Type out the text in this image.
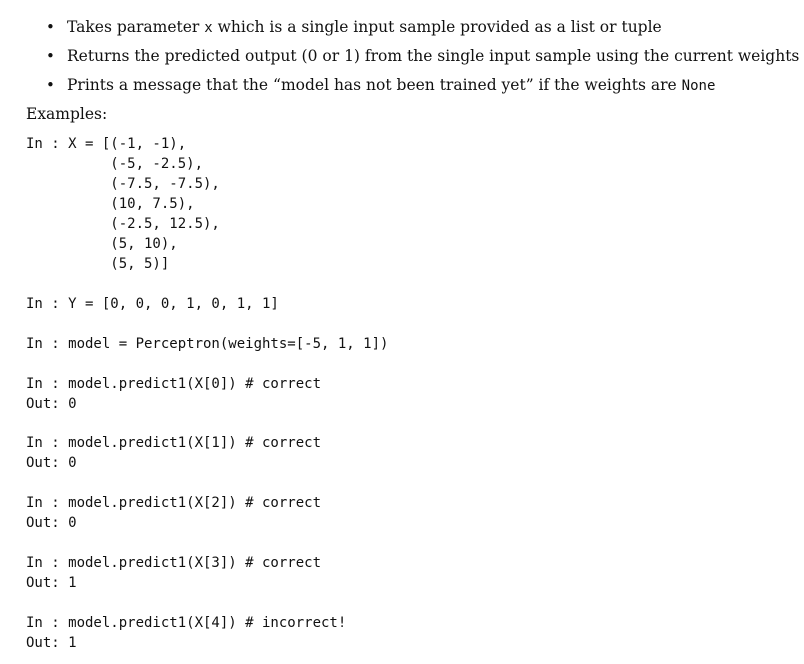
• Takes parameter x which is a single input sample provided as a list or tuple
• Returns the predicted output (0 or 1) from the single input sample using the current weights
• Prints a message that the “model has not been trained yet” if the weights are None
Examples:
In : X = [(-1, -1),
(-5, -2.5),
(-7.5, -7.5),
(10, 7.5),
(-2.5, 12.5),
(5, 10),
(5, 5)]
In : Y = [0, 0, 0, 1, 0, 1, 1]
In : model = Perceptron(weights=[-5, 1, 1])
In : model.predict1(X[0]) # correct
Out: 0
In : model.predict1(X[1]) # correct
Out: 0
In : model.predict1(X[2]) # correct
Out: 0
In : model.predict1(X[3]) # correct
Out: 1
In : model.predict1(X[4]) # incorrect!
Out: 1
